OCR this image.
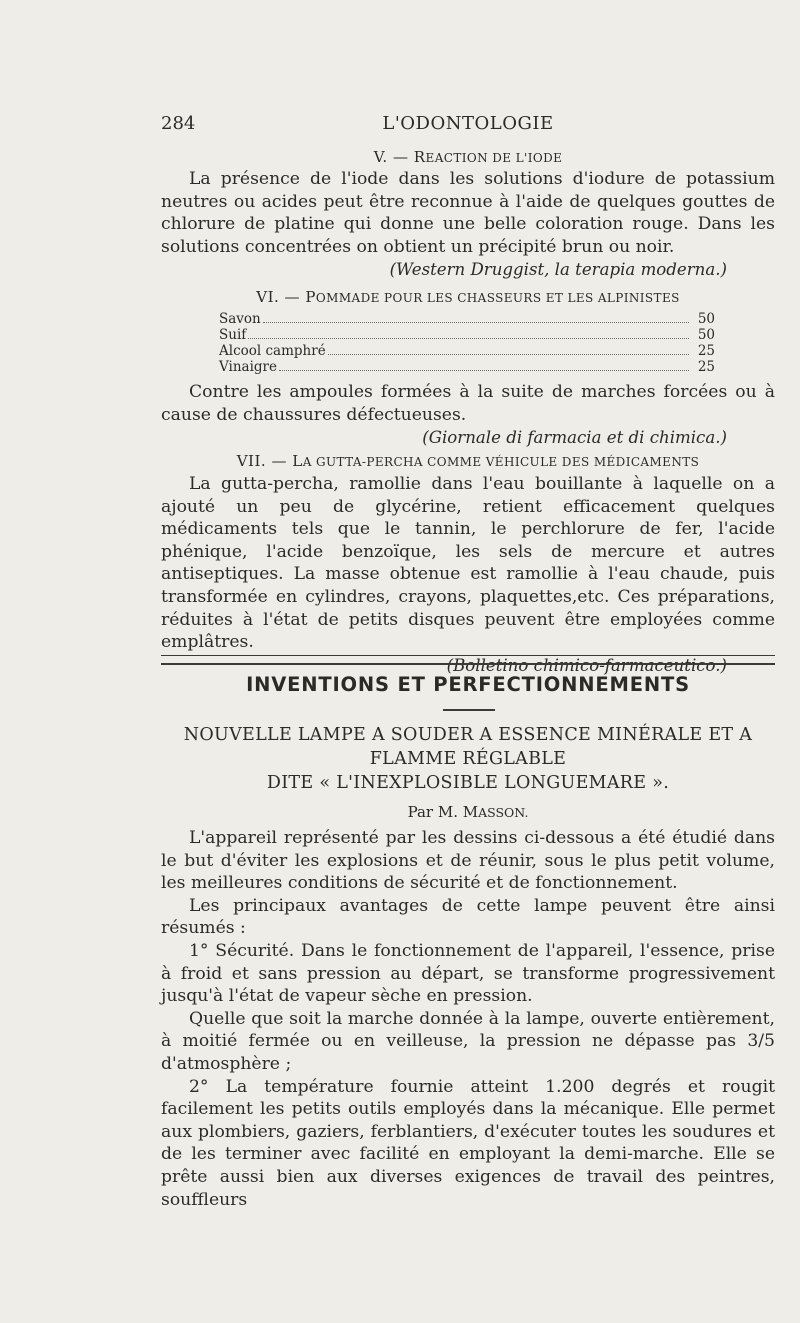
284	L'ODONTOLOGIE

V. — REACTION DE L'IODE

La présence de l'iode dans les solutions d'iodure de potassium neutres ou acides peut être reconnue à l'aide de quelques gouttes de chlorure de platine qui donne une belle coloration rouge. Dans les solutions concentrées on obtient un précipité brun ou noir.

(Western Druggist, la terapia moderna.)

VI. — POMMADE POUR LES CHASSEURS ET LES ALPINISTES

Savon	50
Suif	50
Alcool camphré	25
Vinaigre	25

Contre les ampoules formées à la suite de marches forcées ou à cause de chaussures défectueuses.

(Giornale di farmacia et di chimica.)

VII. — LA GUTTA-PERCHA COMME VÉHICULE DES MÉDICAMENTS

La gutta-percha, ramollie dans l'eau bouillante à laquelle on a ajouté un peu de glycérine, retient efficacement quelques médicaments tels que le tannin, le perchlorure de fer, l'acide phénique, l'acide benzoïque, les sels de mercure et autres antiseptiques. La masse obtenue est ramollie à l'eau chaude, puis transformée en cylindres, crayons, plaquettes,etc. Ces préparations, réduites à l'état de petits disques peuvent être employées comme emplâtres.

(Bolletino chimico-farmaceutico.)

INVENTIONS ET PERFECTIONNEMENTS

NOUVELLE LAMPE A SOUDER A ESSENCE MINÉRALE ET A

FLAMME RÉGLABLE

DITE « L'INEXPLOSIBLE LONGUEMARE ».

Par M. MASSON.

L'appareil représenté par les dessins ci-dessous a été étudié dans le but d'éviter les explosions et de réunir, sous le plus petit volume, les meilleures conditions de sécurité et de fonctionnement.

Les principaux avantages de cette lampe peuvent être ainsi résumés :

1° Sécurité. Dans le fonctionnement de l'appareil, l'essence, prise à froid et sans pression au départ, se transforme progressivement jusqu'à l'état de vapeur sèche en pression.

Quelle que soit la marche donnée à la lampe, ouverte entièrement, à moitié fermée ou en veilleuse, la pression ne dépasse pas 3/5 d'atmosphère ;

2° La température fournie atteint 1.200 degrés et rougit facilement les petits outils employés dans la mécanique. Elle permet aux plombiers, gaziers, ferblantiers, d'exécuter toutes les soudures et de les terminer avec facilité en employant la demi-marche. Elle se prête aussi bien aux diverses exigences de travail des peintres, souffleurs
